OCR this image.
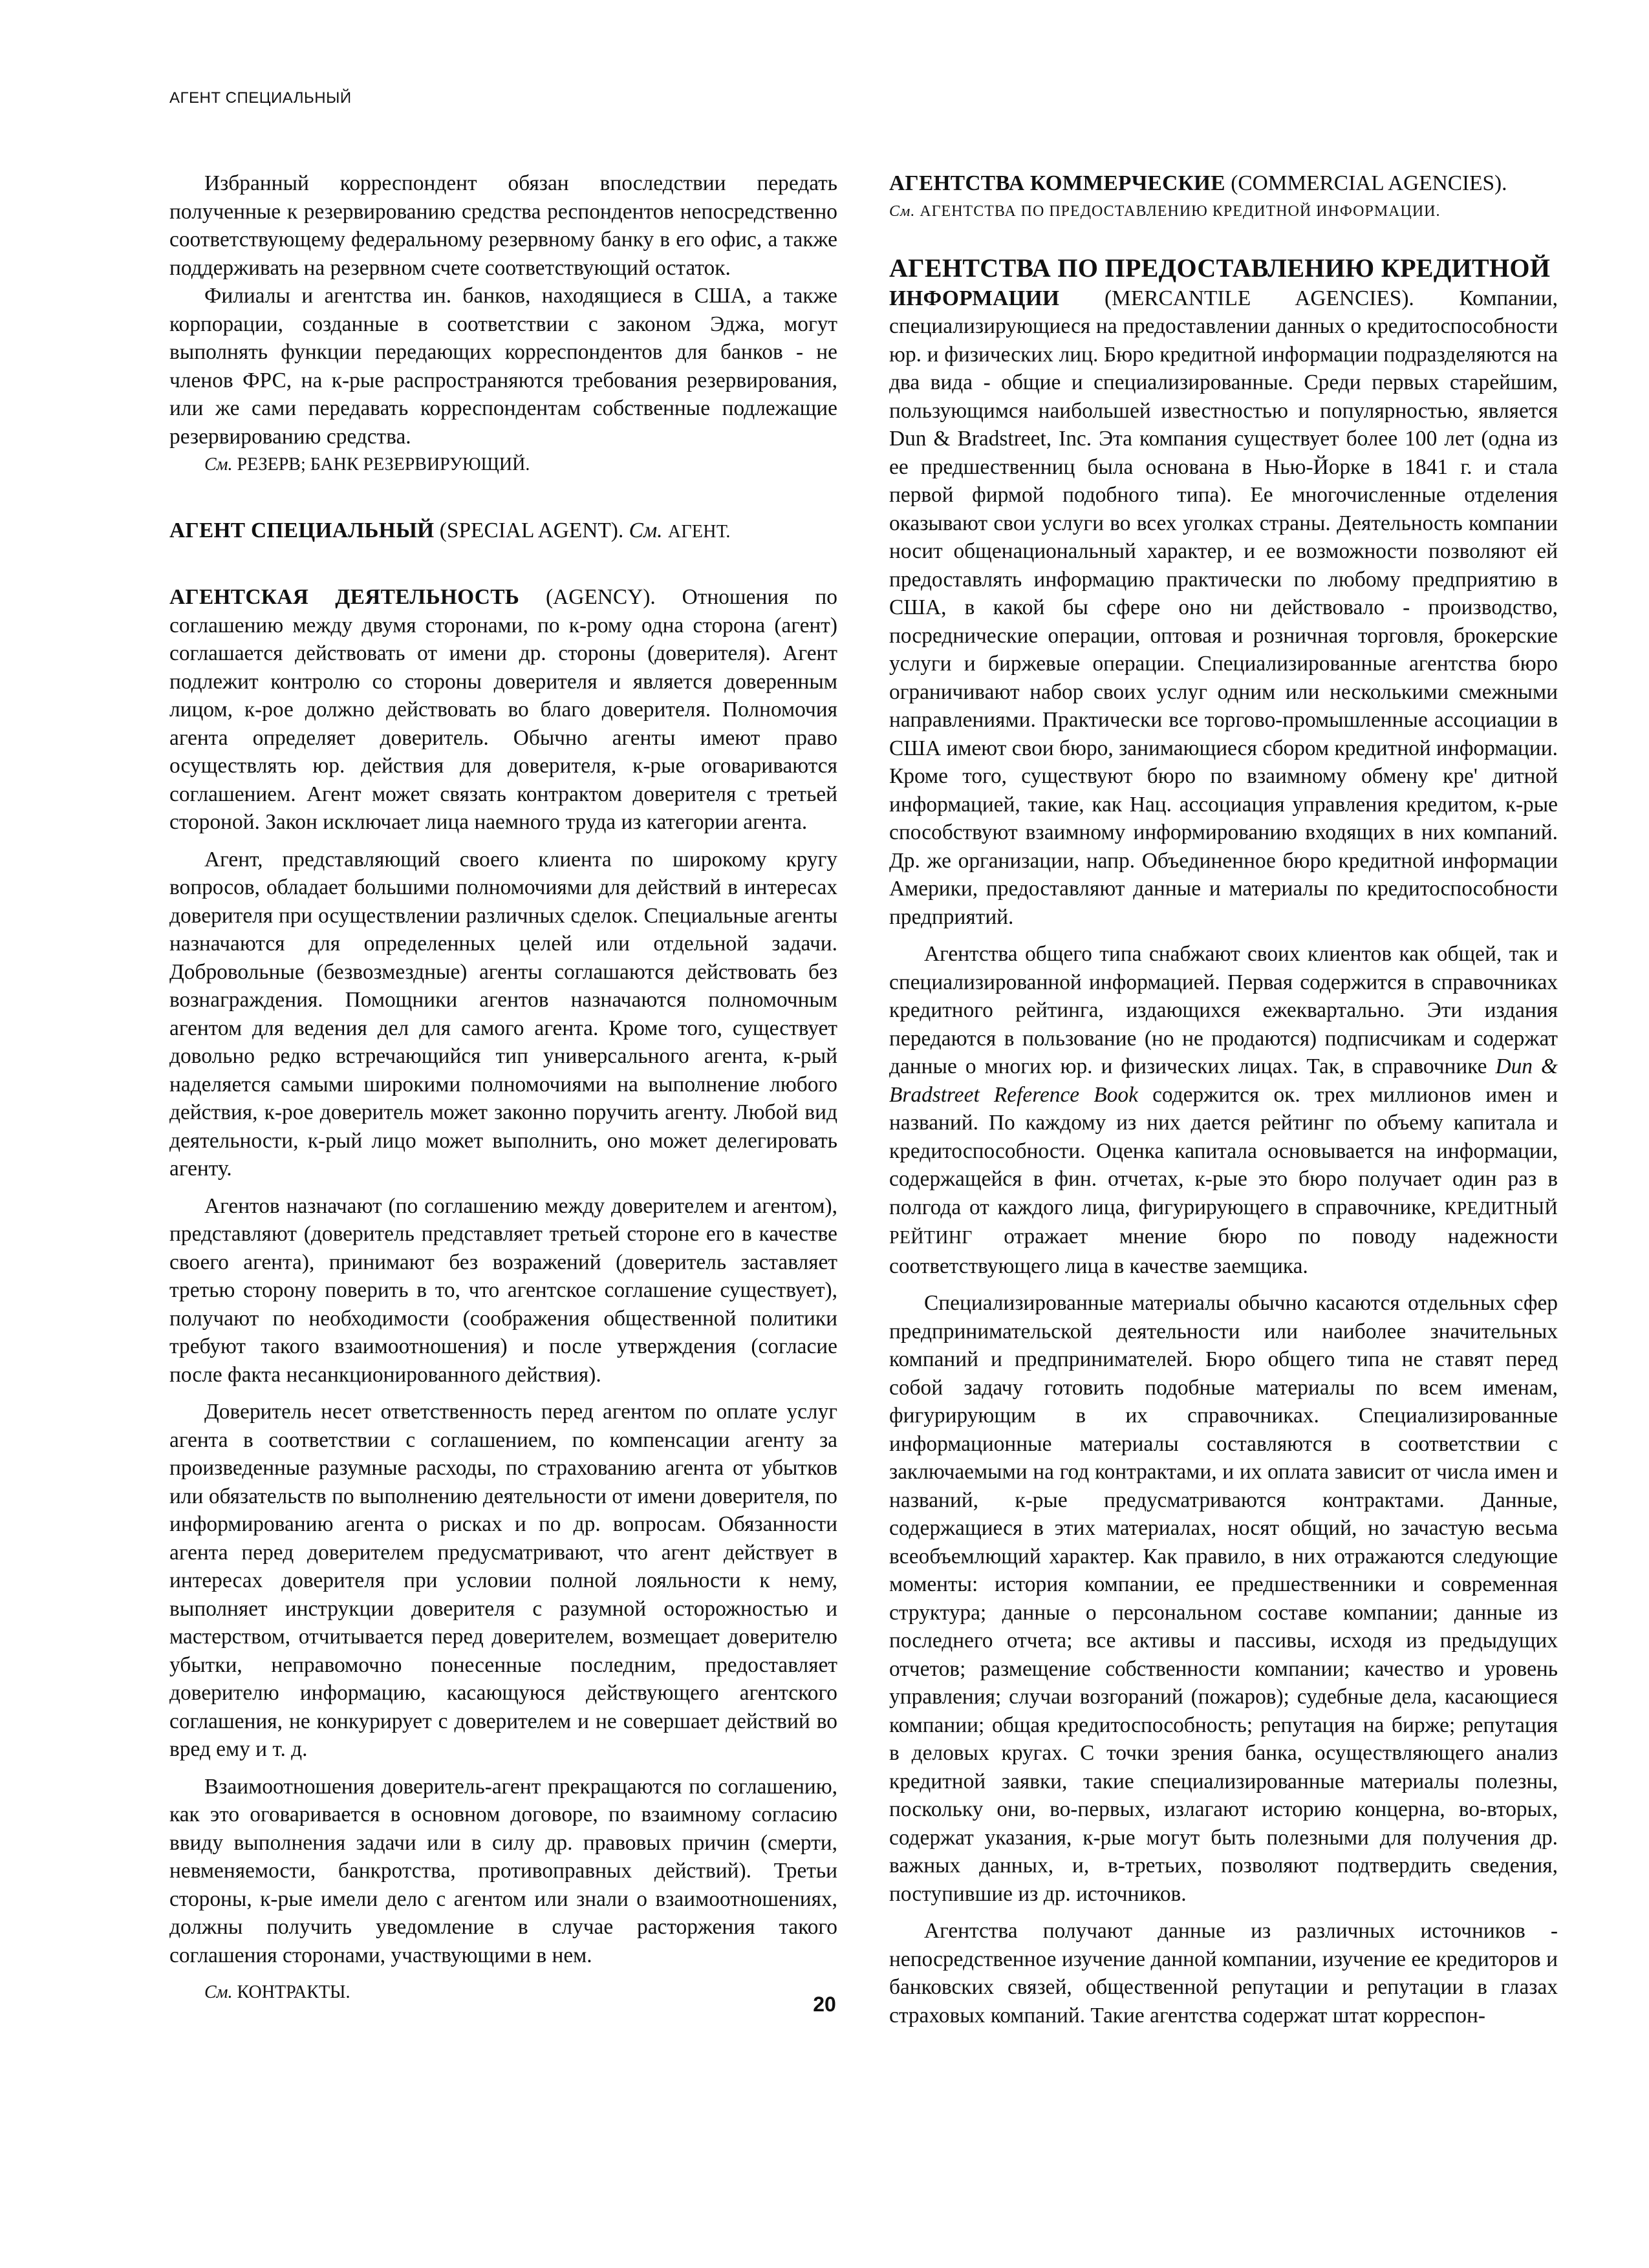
АГЕНТ СПЕЦИАЛЬНЫЙ

Избранный корреспондент обязан впоследствии передать полученные к резервированию средства респондентов непосредственно соответствующему федеральному резервному банку в его офис, а также поддерживать на резервном счете соответствующий остаток.

Филиалы и агентства ин. банков, находящиеся в США, а также корпорации, созданные в соответствии с законом Эджа, могут выполнять функции передающих корреспондентов для банков - не членов ФРС, на к-рые распространяются требования резервирования, или же сами передавать корреспондентам собственные подлежащие резервированию средства.

См. РЕЗЕРВ; БАНК РЕЗЕРВИРУЮЩИЙ.

АГЕНТ СПЕЦИАЛЬНЫЙ (SPECIAL AGENT). См. АГЕНТ.

АГЕНТСКАЯ ДЕЯТЕЛЬНОСТЬ (AGENCY). Отношения по соглашению между двумя сторонами, по к-рому одна сторона (агент) соглашается действовать от имени др. стороны (доверителя). Агент подлежит контролю со стороны доверителя и является доверенным лицом, к-рое должно действовать во благо доверителя. Полномочия агента определяет доверитель. Обычно агенты имеют право осуществлять юр. действия для доверителя, к-рые оговариваются соглашением. Агент может связать контрактом доверителя с третьей стороной. Закон исключает лица наемного труда из категории агента.

Агент, представляющий своего клиента по широкому кругу вопросов, обладает большими полномочиями для действий в интересах доверителя при осуществлении различных сделок. Специальные агенты назначаются для определенных целей или отдельной задачи. Добровольные (безвозмездные) агенты соглашаются действовать без вознаграждения. Помощники агентов назначаются полномочным агентом для ведения дел для самого агента. Кроме того, существует довольно редко встречающийся тип универсального агента, к-рый наделяется самыми широкими полномочиями на выполнение любого действия, к-рое доверитель может законно поручить агенту. Любой вид деятельности, к-рый лицо может выполнить, оно может делегировать агенту.

Агентов назначают (по соглашению между доверителем и агентом), представляют (доверитель представляет третьей стороне его в качестве своего агента), принимают без возражений (доверитель заставляет третью сторону поверить в то, что агентское соглашение существует), получают по необходимости (соображения общественной политики требуют такого взаимоотношения) и после утверждения (согласие после факта несанкционированного действия).

Доверитель несет ответственность перед агентом по оплате услуг агента в соответствии с соглашением, по компенсации агенту за произведенные разумные расходы, по страхованию агента от убытков или обязательств по выполнению деятельности от имени доверителя, по информированию агента о рисках и по др. вопросам. Обязанности агента перед доверителем предусматривают, что агент действует в интересах доверителя при условии полной лояльности к нему, выполняет инструкции доверителя с разумной осторожностью и мастерством, отчитывается перед доверителем, возмещает доверителю убытки, неправомочно понесенные последним, предоставляет доверителю информацию, касающуюся действующего агентского соглашения, не конкурирует с доверителем и не совершает действий во вред ему и т. д.

Взаимоотношения доверитель-агент прекращаются по соглашению, как это оговаривается в основном договоре, по взаимному согласию ввиду выполнения задачи или в силу др. правовых причин (смерти, невменяемости, банкротства, противоправных действий). Третьи стороны, к-рые имели дело с агентом или знали о взаимоотношениях, должны получить уведомление в случае расторжения такого соглашения сторонами, участвующими в нем.

См. КОНТРАКТЫ.

АГЕНТСТВА КОММЕРЧЕСКИЕ (COMMERCIAL AGENCIES).

См. АГЕНТСТВА ПО ПРЕДОСТАВЛЕНИЮ КРЕДИТНОЙ ИНФОРМАЦИИ.

АГЕНТСТВА ПО ПРЕДОСТАВЛЕНИЮ КРЕДИТНОЙ
ИНФОРМАЦИИ (MERCANTILE AGENCIES). Компании, специализирующиеся на предоставлении данных о кредитоспособности юр. и физических лиц. Бюро кредитной информации подразделяются на два вида - общие и специализированные. Среди первых старейшим, пользующимся наибольшей известностью и популярностью, является Dun & Bradstreet, Inc. Эта компания существует более 100 лет (одна из ее предшественниц была основана в Нью-Йорке в 1841 г. и стала первой фирмой подобного типа). Ее многочисленные отделения оказывают свои услуги во всех уголках страны. Деятельность компании носит общенациональный характер, и ее возможности позволяют ей предоставлять информацию практически по любому предприятию в США, в какой бы сфере оно ни действовало - производство, посреднические операции, оптовая и розничная торговля, брокерские услуги и биржевые операции. Специализированные агентства бюро ограничивают набор своих услуг одним или несколькими смежными направлениями. Практически все торгово-промышленные ассоциации в США имеют свои бюро, занимающиеся сбором кредитной информации. Кроме того, существуют бюро по взаимному обмену кре' дитной информацией, такие, как Нац. ассоциация управления кредитом, к-рые способствуют взаимному информированию входящих в них компаний. Др. же организации, напр. Объединенное бюро кредитной информации Америки, предоставляют данные и материалы по кредитоспособности предприятий.

Агентства общего типа снабжают своих клиентов как общей, так и специализированной информацией. Первая содержится в справочниках кредитного рейтинга, издающихся ежеквартально. Эти издания передаются в пользование (но не продаются) подписчикам и содержат данные о многих юр. и физических лицах. Так, в справочнике Dun & Bradstreet Reference Book содержится ок. трех миллионов имен и названий. По каждому из них дается рейтинг по объему капитала и кредитоспособности. Оценка капитала основывается на информации, содержащейся в фин. отчетах, к-рые это бюро получает один раз в полгода от каждого лица, фигурирующего в справочнике, КРЕДИТНЫЙ РЕЙТИНГ отражает мнение бюро по поводу надежности соответствующего лица в качестве заемщика.

Специализированные материалы обычно касаются отдельных сфер предпринимательской деятельности или наиболее значительных компаний и предпринимателей. Бюро общего типа не ставят перед собой задачу готовить подобные материалы по всем именам, фигурирующим в их справочниках. Специализированные информационные материалы составляются в соответствии с заключаемыми на год контрактами, и их оплата зависит от числа имен и названий, к-рые предусматриваются контрактами. Данные, содержащиеся в этих материалах, носят общий, но зачастую весьма всеобъемлющий характер. Как правило, в них отражаются следующие моменты: история компании, ее предшественники и современная структура; данные о персональном составе компании; данные из последнего отчета; все активы и пассивы, исходя из предыдущих отчетов; размещение собственности компании; качество и уровень управления; случаи возгораний (пожаров); судебные дела, касающиеся компании; общая кредитоспособность; репутация на бирже; репутация в деловых кругах. С точки зрения банка, осуществляющего анализ кредитной заявки, такие специализированные материалы полезны, поскольку они, во-первых, излагают историю концерна, во-вторых, содержат указания, к-рые могут быть полезными для получения др. важных данных, и, в-третьих, позволяют подтвердить сведения, поступившие из др. источников.

Агентства получают данные из различных источников - непосредственное изучение данной компании, изучение ее кредиторов и банковских связей, общественной репутации и репутации в глазах страховых компаний. Такие агентства содержат штат корреспон-

20
